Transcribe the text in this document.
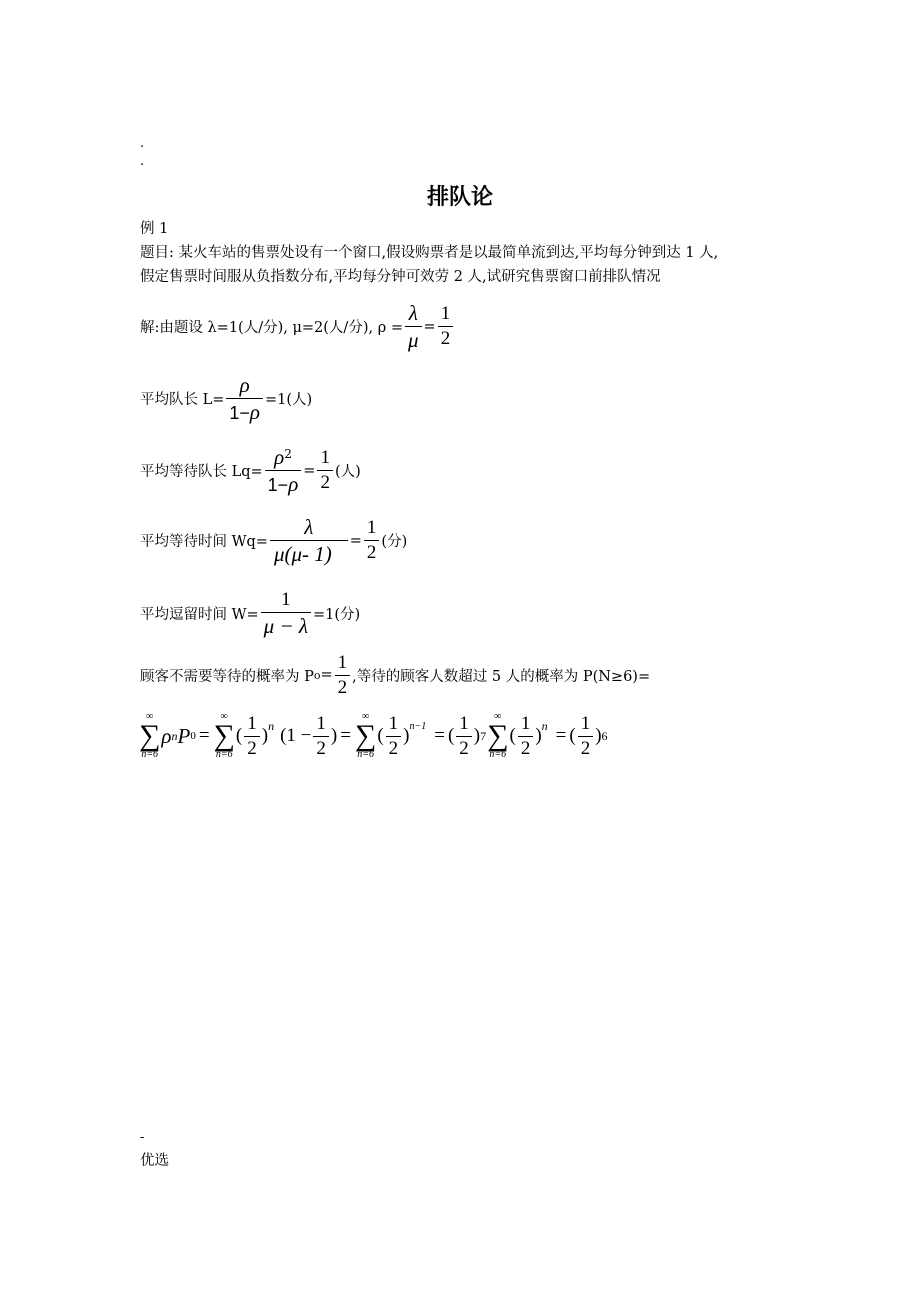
.
.
排队论
例 1
题目: 某火车站的售票处设有一个窗口,假设购票者是以最简单流到达,平均每分钟到达 1 人,
假定售票时间服从负指数分布,平均每分钟可效劳 2 人,试研究售票窗口前排队情况
解:由题设 λ=1(人/分), μ=2(人/分), $\rho = \frac{\lambda}{\mu} = \frac{1}{2}$
平均队长 $L= \frac{\rho}{1-\rho} =1$(人)
平均等待队长 $Lq= \frac{\rho^2}{1-\rho} = \frac{1}{2}$ (人)
平均等待时间 $Wq= \frac{\lambda}{\mu(\mu- 1)} = \frac{1}{2}$ (分)
平均逗留时间 $W= \frac{1}{\mu - \lambda} =1$(分)
顾客不需要等待的概率为 P $o = \frac{1}{2}$ ,等待的顾客人数超过 5 人的概率为 P(N≥6)=
∞
∑
n=6
ρ n P 0 =
∞
∑
n=6
( $\frac{1}{2}$ ) n ($1 - \frac{1}{2}$ ) =
∞
∑
n=6
( $\frac{1}{2}$ ) n−1 = ( $\frac{1}{2}$ ) 7
∞
∑
n=6
( $\frac{1}{2}$ ) n = ( $\frac{1}{2}$ ) 6
-
优选
